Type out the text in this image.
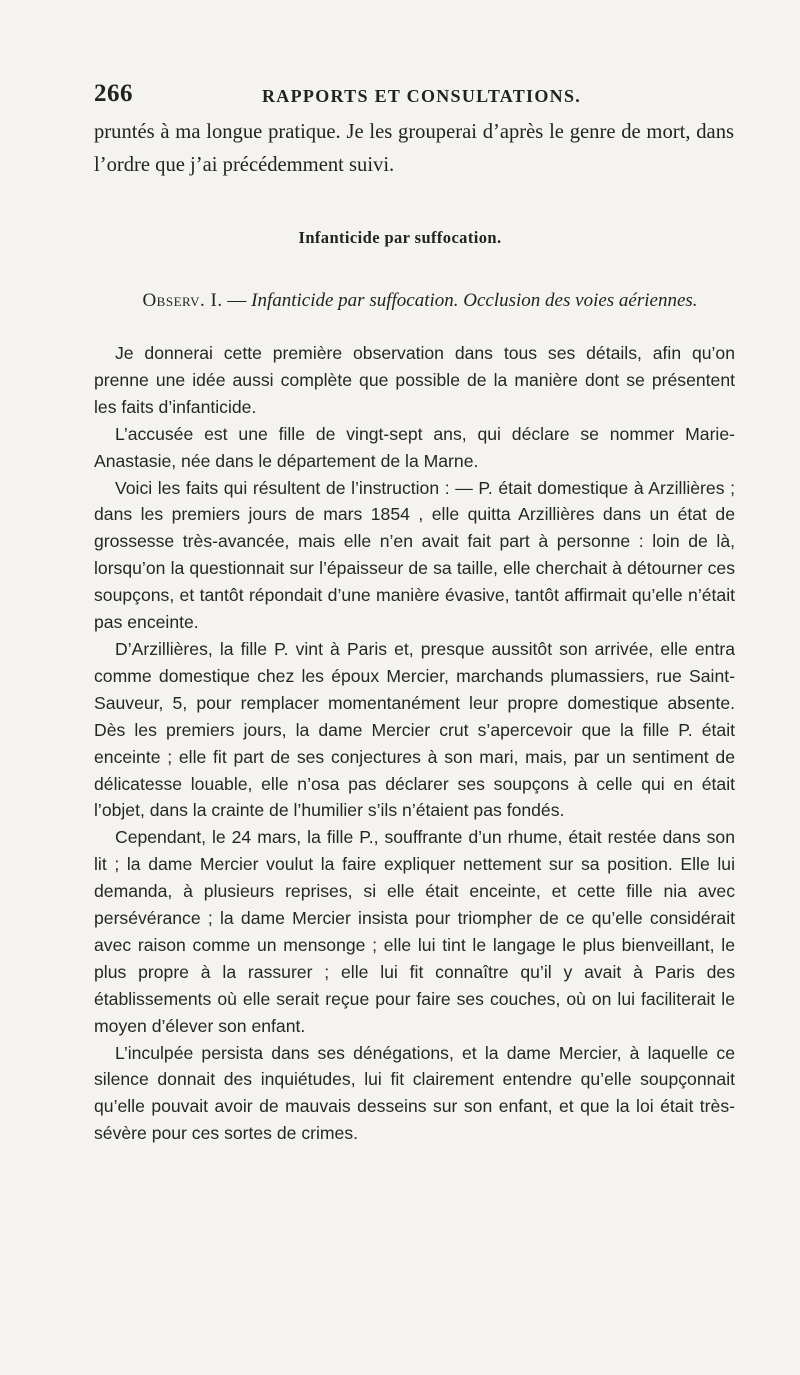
266	RAPPORTS ET CONSULTATIONS.

pruntés à ma longue pratique. Je les grouperai d’après le genre de mort, dans l’ordre que j’ai précédemment suivi.

Infanticide par suffocation.

Observ. I. — Infanticide par suffocation. Occlusion des voies aériennes.

Je donnerai cette première observation dans tous ses détails, afin qu’on prenne une idée aussi complète que possible de la manière dont se présentent les faits d’infanticide.

L’accusée est une fille de vingt-sept ans, qui déclare se nommer Marie-Anastasie, née dans le département de la Marne.

Voici les faits qui résultent de l’instruction : — P. était domestique à Arzillières ; dans les premiers jours de mars 1854 , elle quitta Arzillières dans un état de grossesse très-avancée, mais elle n’en avait fait part à personne : loin de là, lorsqu’on la questionnait sur l’épaisseur de sa taille, elle cherchait à détourner ces soupçons, et tantôt répondait d’une manière évasive, tantôt affirmait qu’elle n’était pas enceinte.

D’Arzillières, la fille P. vint à Paris et, presque aussitôt son arrivée, elle entra comme domestique chez les époux Mercier, marchands plumassiers, rue Saint-Sauveur, 5, pour remplacer momentanément leur propre domestique absente. Dès les premiers jours, la dame Mercier crut s’apercevoir que la fille P. était enceinte ; elle fit part de ses conjectures à son mari, mais, par un sentiment de délicatesse louable, elle n’osa pas déclarer ses soupçons à celle qui en était l’objet, dans la crainte de l’humilier s’ils n’étaient pas fondés.

Cependant, le 24 mars, la fille P., souffrante d’un rhume, était restée dans son lit ; la dame Mercier voulut la faire expliquer nettement sur sa position. Elle lui demanda, à plusieurs reprises, si elle était enceinte, et cette fille nia avec persévérance ; la dame Mercier insista pour triompher de ce qu’elle considérait avec raison comme un mensonge ; elle lui tint le langage le plus bienveillant, le plus propre à la rassurer ; elle lui fit connaître qu’il y avait à Paris des établissements où elle serait reçue pour faire ses couches, où on lui faciliterait le moyen d’élever son enfant.

L’inculpée persista dans ses dénégations, et la dame Mercier, à laquelle ce silence donnait des inquiétudes, lui fit clairement entendre qu’elle soupçonnait qu’elle pouvait avoir de mauvais desseins sur son enfant, et que la loi était très-sévère pour ces sortes de crimes.
